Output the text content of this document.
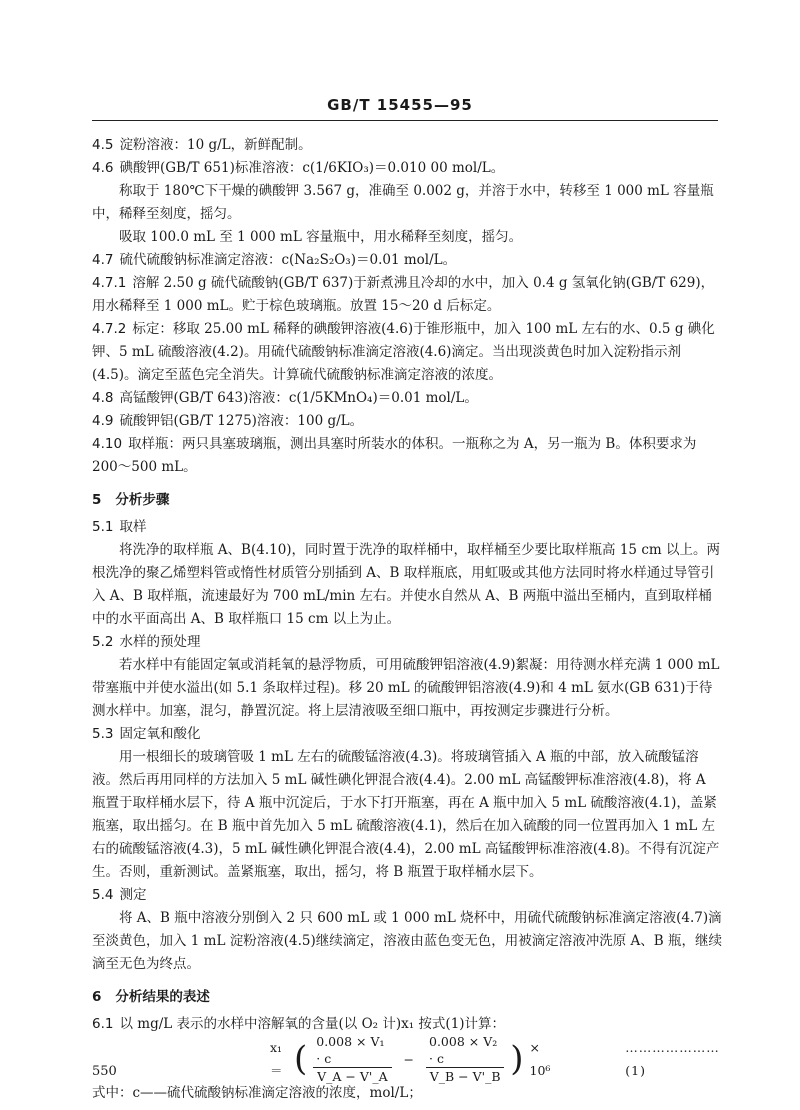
GB/T 15455—95

4.5 淀粉溶液：10 g/L，新鲜配制。

4.6 碘酸钾(GB/T 651)标准溶液：c(1/6KIO₃)＝0.010 00 mol/L。

称取于 180℃下干燥的碘酸钾 3.567 g，准确至 0.002 g，并溶于水中，转移至 1 000 mL 容量瓶中，稀释至刻度，摇匀。

吸取 100.0 mL 至 1 000 mL 容量瓶中，用水稀释至刻度，摇匀。

4.7 硫代硫酸钠标准滴定溶液：c(Na₂S₂O₃)＝0.01 mol/L。

4.7.1 溶解 2.50 g 硫代硫酸钠(GB/T 637)于新煮沸且冷却的水中，加入 0.4 g 氢氧化钠(GB/T 629)，用水稀释至 1 000 mL。贮于棕色玻璃瓶。放置 15～20 d 后标定。

4.7.2 标定：移取 25.00 mL 稀释的碘酸钾溶液(4.6)于锥形瓶中，加入 100 mL 左右的水、0.5 g 碘化钾、5 mL 硫酸溶液(4.2)。用硫代硫酸钠标准滴定溶液(4.6)滴定。当出现淡黄色时加入淀粉指示剂(4.5)。滴定至蓝色完全消失。计算硫代硫酸钠标准滴定溶液的浓度。

4.8 高锰酸钾(GB/T 643)溶液：c(1/5KMnO₄)＝0.01 mol/L。

4.9 硫酸钾铝(GB/T 1275)溶液：100 g/L。

4.10 取样瓶：两只具塞玻璃瓶，测出具塞时所装水的体积。一瓶称之为 A，另一瓶为 B。体积要求为 200～500 mL。

5 分析步骤

5.1 取样

将洗净的取样瓶 A、B(4.10)，同时置于洗净的取样桶中，取样桶至少要比取样瓶高 15 cm 以上。两根洗净的聚乙烯塑料管或惰性材质管分别插到 A、B 取样瓶底，用虹吸或其他方法同时将水样通过导管引入 A、B 取样瓶，流速最好为 700 mL/min 左右。并使水自然从 A、B 两瓶中溢出至桶内，直到取样桶中的水平面高出 A、B 取样瓶口 15 cm 以上为止。

5.2 水样的预处理

若水样中有能固定氧或消耗氧的悬浮物质，可用硫酸钾铝溶液(4.9)絮凝：用待测水样充满 1 000 mL 带塞瓶中并使水溢出(如 5.1 条取样过程)。移 20 mL 的硫酸钾铝溶液(4.9)和 4 mL 氨水(GB 631)于待测水样中。加塞，混匀，静置沉淀。将上层清液吸至细口瓶中，再按测定步骤进行分析。

5.3 固定氧和酸化

用一根细长的玻璃管吸 1 mL 左右的硫酸锰溶液(4.3)。将玻璃管插入 A 瓶的中部，放入硫酸锰溶液。然后再用同样的方法加入 5 mL 碱性碘化钾混合液(4.4)。2.00 mL 高锰酸钾标准溶液(4.8)，将 A 瓶置于取样桶水层下，待 A 瓶中沉淀后，于水下打开瓶塞，再在 A 瓶中加入 5 mL 硫酸溶液(4.1)，盖紧瓶塞，取出摇匀。在 B 瓶中首先加入 5 mL 硫酸溶液(4.1)，然后在加入硫酸的同一位置再加入 1 mL 左右的硫酸锰溶液(4.3)，5 mL 碱性碘化钾混合液(4.4)，2.00 mL 高锰酸钾标准溶液(4.8)。不得有沉淀产生。否则，重新测试。盖紧瓶塞，取出，摇匀，将 B 瓶置于取样桶水层下。

5.4 测定

将 A、B 瓶中溶液分别倒入 2 只 600 mL 或 1 000 mL 烧杯中，用硫代硫酸钠标准滴定溶液(4.7)滴至淡黄色，加入 1 mL 淀粉溶液(4.5)继续滴定，溶液由蓝色变无色，用被滴定溶液冲洗原 A、B 瓶，继续滴至无色为终点。

6 分析结果的表述

6.1 以 mg/L 表示的水样中溶解氧的含量(以 O₂ 计)x₁ 按式(1)计算：

x₁ ＝ ( $\frac{\text{0.008 × V₁ · c}}{V\_A - V'\_A} - \frac{\text{0.008 × V₂ · c}}{V\_B - V'\_B}$ ) × 10⁶
…………………(1)

式中：c——硫代硫酸钠标准滴定溶液的浓度，mol/L；

550
